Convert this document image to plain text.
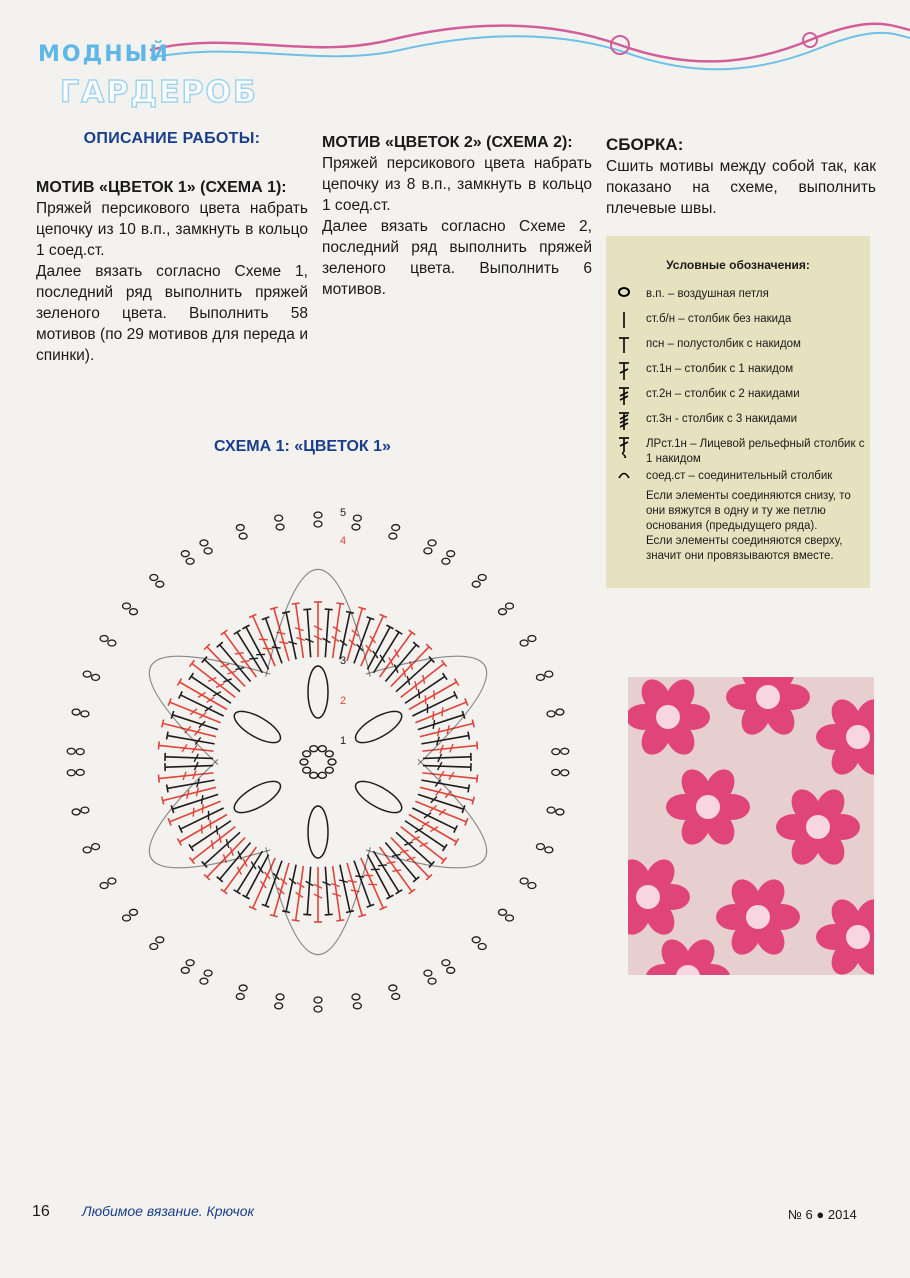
МОДНЫЙ
ГАРДЕРОБ
ОПИСАНИЕ РАБОТЫ:
МОТИВ «ЦВЕТОК 1» (СХЕМА 1):

Пряжей персикового цвета набрать цепочку из 10 в.п., замкнуть в кольцо 1 соед.ст.

Далее вязать согласно Схеме 1, последний ряд выполнить пряжей зеленого цвета. Выполнить 58 мотивов (по 29 мотивов для переда и спинки).

МОТИВ «ЦВЕТОК 2» (СХЕМА 2):

Пряжей персикового цвета набрать цепочку из 8 в.п., замкнуть в кольцо 1 соед.ст.

Далее вязать согласно Схеме 2, последний ряд выполнить пряжей зеленого цвета. Выполнить 6 мотивов.

СБОРКА:

Сшить мотивы между собой так, как показано на схеме, выполнить плечевые швы.

Условные обозначения:
в.п. – воздушная петля
ст.б/н – столбик без накида
псн – полустолбик с накидом
ст.1н – столбик с 1 накидом
ст.2н – столбик с 2 накидами
ст.3н - столбик с 3 накидами
ЛРст.1н – Лицевой рельефный столбик с 1 накидом
соед.ст – соединительный столбик
Если элементы соединяются снизу, то они вяжутся в одну и ту же петлю основания (предыдущего ряда).
Если элементы соединяются сверху, значит они провязываются вместе.
СХЕМА 1: «ЦВЕТОК 1»
1
2
3
4
5
16 Любимое вязание. Крючок	№ 6 ● 2014
